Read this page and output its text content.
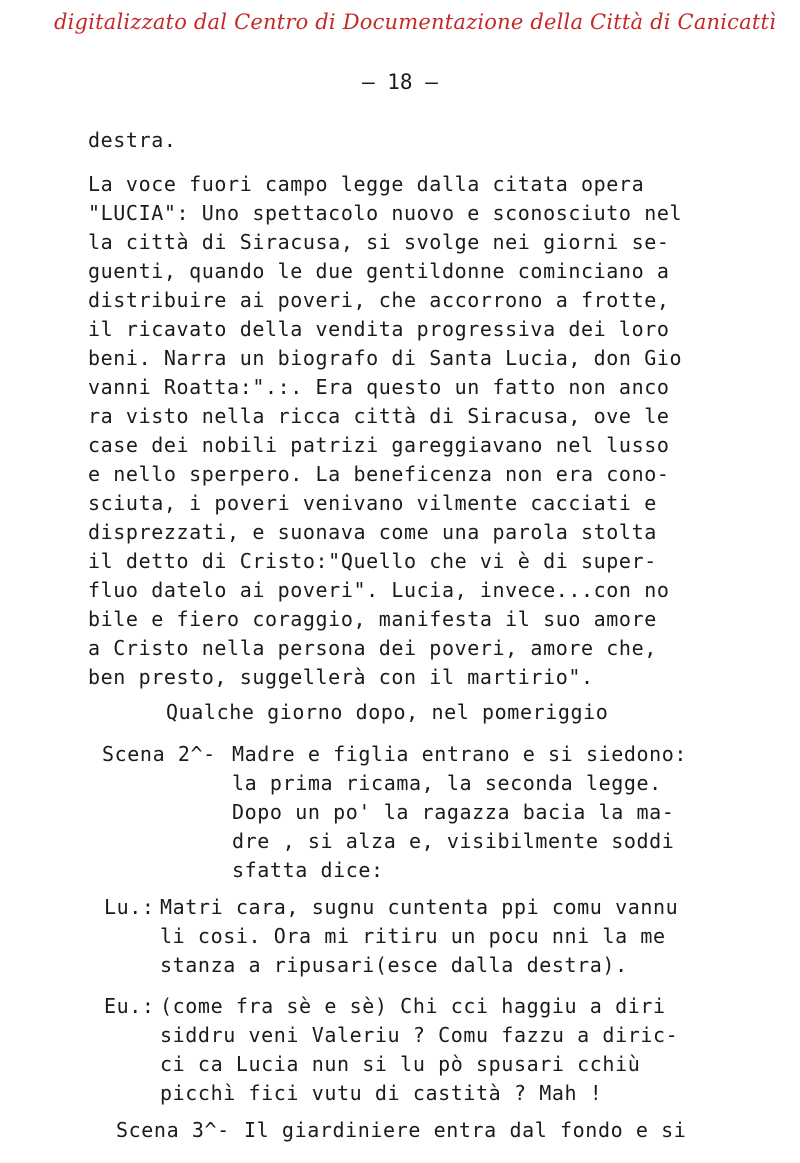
digitalizzato dal Centro di Documentazione della Città di Canicattì
— 18 —
destra.
La voce fuori campo legge dalla citata opera
"LUCIA": Uno spettacolo nuovo e sconosciuto nel
la città di Siracusa, si svolge nei giorni se-
guenti, quando le due gentildonne cominciano a
distribuire ai poveri, che accorrono a frotte,
il ricavato della vendita progressiva dei loro
beni. Narra un biografo di Santa Lucia, don Gio
vanni Roatta:".:. Era questo un fatto non anco
ra visto nella ricca città di Siracusa, ove le
case dei nobili patrizi gareggiavano nel lusso
e nello sperpero. La beneficenza non era cono-
sciuta, i poveri venivano vilmente cacciati e
disprezzati, e suonava come una parola stolta
il detto di Cristo:"Quello che vi è di super-
fluo datelo ai poveri". Lucia, invece...con no
bile e fiero coraggio, manifesta il suo amore
a Cristo nella persona dei poveri, amore che,
ben presto, suggellerà con il martirio".
Qualche giorno dopo, nel pomeriggio
Scena 2^- Madre e figlia entrano e si siedono:
la prima ricama, la seconda legge.
Dopo un po' la ragazza bacia la ma-
dre , si alza e, visibilmente soddi
sfatta dice:
Lu.: Matri cara, sugnu cuntenta ppi comu vannu
li cosi. Ora mi ritiru un pocu nni la me
stanza a ripusari(esce dalla destra).
Eu.: (come fra sè e sè) Chi cci haggiu a diri
siddru veni Valeriu ? Comu fazzu a diric-
ci ca Lucia nun si lu pò spusari cchiù
picchì fici vutu di castità ? Mah !
Scena 3^- Il giardiniere entra dal fondo e si
